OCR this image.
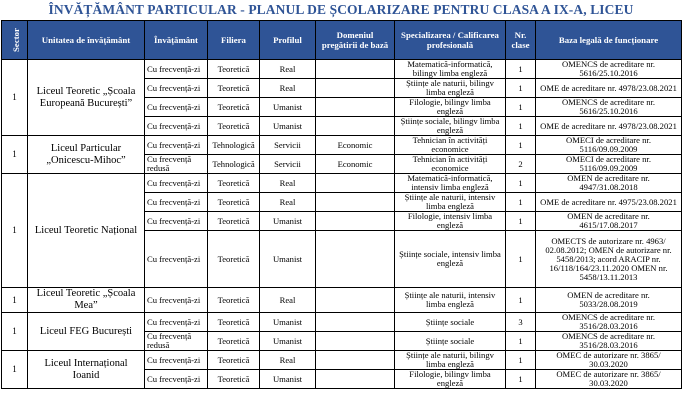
ÎNVĂȚĂMÂNT PARTICULAR - PLANUL DE ȘCOLARIZARE PENTRU CLASA A IX-A, LICEU
Sector	Unitatea de învățământ	Învățământ	Filiera	Profilul	Domeniul pregătirii de bază	Specializarea / Calificarea profesională	Nr. clase	Baza legală de funcționare
1	Liceul Teoretic „Școala Europeană București”	Cu frecvență-zi	Teoretică	Real		Matematică-informatică, bilingv limba engleză	1	OMENCS de acreditare nr. 5616/25.10.2016
		Cu frecvență-zi	Teoretică	Real		Științe ale naturii, bilingv limba engleză	1	OME de acreditare nr. 4978/23.08.2021
		Cu frecvență-zi	Teoretică	Umanist		Filologie, bilingv limba engleză	1	OMENCS de acreditare nr. 5616/25.10.2016
		Cu frecvență-zi	Teoretică	Umanist		Științe sociale, bilingv limba engleză	1	OME de acreditare nr. 4978/23.08.2021
1	Liceul Particular „Onicescu-Mihoc”	Cu frecvență-zi	Tehnologică	Servicii	Economic	Tehnician în activități economice	1	OMECI de acreditare nr. 5116/09.09.2009
		Cu frecvență redusă	Tehnologică	Servicii	Economic	Tehnician în activități economice	2	OMECI de acreditare nr. 5116/09.09.2009
1	Liceul Teoretic Național	Cu frecvență-zi	Teoretică	Real		Matematică-informatică, intensiv limba engleză	1	OMEN de acreditare nr. 4947/31.08.2018
		Cu frecvență-zi	Teoretică	Real		Științe ale naturii, intensiv limba engleză	1	OME de acreditare nr. 4975/23.08.2021
		Cu frecvență-zi	Teoretică	Umanist		Filologie, intensiv limba engleză	1	OMEN de acreditare nr. 4615/17.08.2017
		Cu frecvență-zi	Teoretică	Umanist		Științe sociale, intensiv limba engleză	1	OMECTS de autorizare nr. 4963/ 02.08.2012; OMEN de autorizare nr. 5458/2013; acord ARACIP nr. 16/118/164/23.11.2020 OMEN nr. 5458/13.11.2013
1	Liceul Teoretic „Școala Mea”	Cu frecvență-zi	Teoretică	Real		Științe ale naturii, intensiv limba engleză	1	OMEN de acreditare nr. 5033/28.08.2019
1	Liceul FEG București	Cu frecvență-zi	Teoretică	Umanist		Științe sociale	3	OMENCS de acreditare nr. 3516/28.03.2016
		Cu frecvență redusă	Teoretică	Umanist		Științe sociale	1	OMENCS de acreditare nr. 3516/28.03.2016
1	Liceul Internațional Ioanid	Cu frecvență-zi	Teoretică	Real		Științe ale naturii, bilingv limba engleză	1	OMEC de autorizare nr. 3865/ 30.03.2020
		Cu frecvență-zi	Teoretică	Umanist		Filologie, bilingv limba engleză	1	OMEC de autorizare nr. 3865/ 30.03.2020
